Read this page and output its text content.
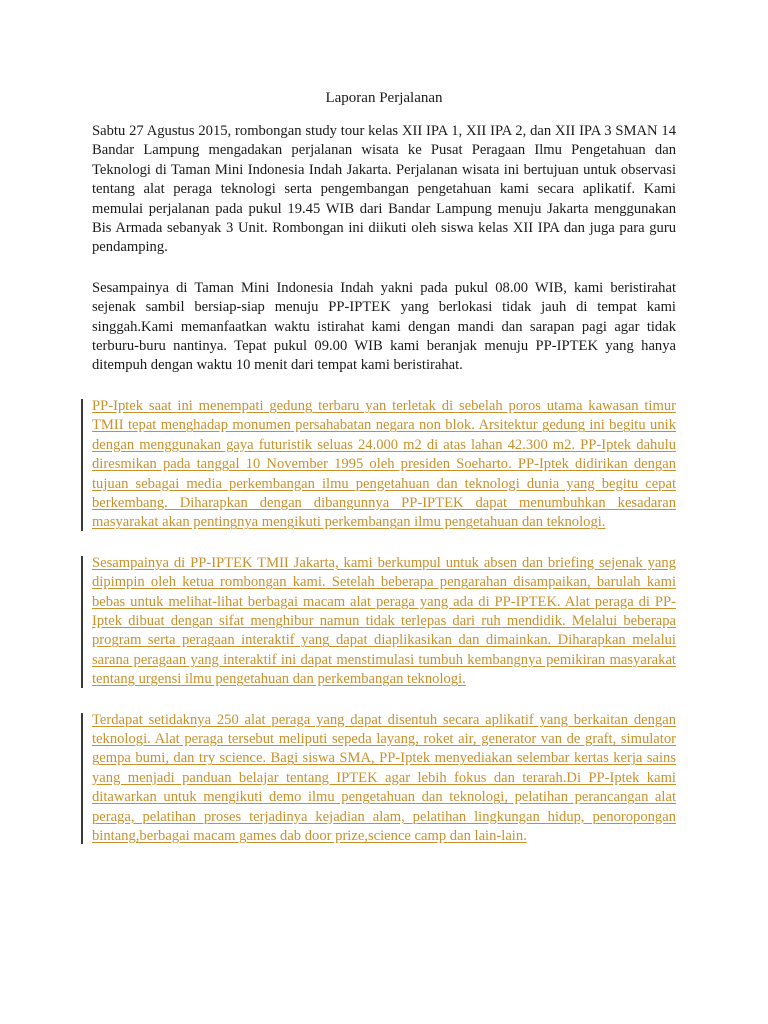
Laporan Perjalanan

Sabtu 27 Agustus 2015, rombongan study tour kelas XII IPA 1, XII IPA 2, dan XII IPA 3 SMAN 14 Bandar Lampung mengadakan perjalanan wisata ke Pusat Peragaan Ilmu Pengetahuan dan Teknologi di Taman Mini Indonesia Indah Jakarta. Perjalanan wisata ini bertujuan untuk observasi tentang alat peraga teknologi serta pengembangan pengetahuan kami secara aplikatif. Kami memulai perjalanan pada pukul 19.45 WIB dari Bandar Lampung menuju Jakarta menggunakan Bis Armada sebanyak 3 Unit. Rombongan ini diikuti oleh siswa kelas XII IPA dan juga para guru pendamping.

Sesampainya di Taman Mini Indonesia Indah yakni pada pukul 08.00 WIB, kami beristirahat sejenak sambil bersiap-siap menuju PP-IPTEK yang berlokasi tidak jauh di tempat kami singgah.Kami memanfaatkan waktu istirahat kami dengan mandi dan sarapan pagi agar tidak terburu-buru nantinya. Tepat pukul 09.00 WIB kami beranjak menuju PP-IPTEK yang hanya ditempuh dengan waktu 10 menit dari tempat kami beristirahat.

PP-Iptek saat ini menempati gedung terbaru yan terletak di sebelah poros utama kawasan timur TMII tepat menghadap monumen persahabatan negara non blok. Arsitektur gedung ini begitu unik dengan menggunakan gaya futuristik seluas 24.000 m2 di atas lahan 42.300 m2. PP-Iptek dahulu diresmikan pada tanggal 10 November 1995 oleh presiden Soeharto. PP-Iptek didirikan dengan tujuan sebagai media perkembangan ilmu pengetahuan dan teknologi dunia yang begitu cepat berkembang. Diharapkan dengan dibangunnya PP-IPTEK dapat menumbuhkan kesadaran masyarakat akan pentingnya mengikuti perkembangan ilmu pengetahuan dan teknologi.

Sesampainya di PP-IPTEK TMII Jakarta, kami berkumpul untuk absen dan briefing sejenak yang dipimpin oleh ketua rombongan kami. Setelah beberapa pengarahan disampaikan, barulah kami bebas untuk melihat-lihat berbagai macam alat peraga yang ada di PP-IPTEK. Alat peraga di PP-Iptek dibuat dengan sifat menghibur namun tidak terlepas dari ruh mendidik. Melalui beberapa program serta peragaan interaktif yang dapat diaplikasikan dan dimainkan. Diharapkan melalui sarana peragaan yang interaktif ini dapat menstimulasi tumbuh kembangnya pemikiran masyarakat tentang urgensi ilmu pengetahuan dan perkembangan teknologi.

Terdapat setidaknya 250 alat peraga yang dapat disentuh secara aplikatif yang berkaitan dengan teknologi. Alat peraga tersebut meliputi sepeda layang, roket air, generator van de graft, simulator gempa bumi, dan try science. Bagi siswa SMA, PP-Iptek menyediakan selembar kertas kerja sains yang menjadi panduan belajar tentang IPTEK agar lebih fokus dan terarah.Di PP-Iptek kami ditawarkan untuk mengikuti demo ilmu pengetahuan dan teknologi, pelatihan perancangan alat peraga, pelatihan proses terjadinya kejadian alam, pelatihan lingkungan hidup, penoropongan bintang,berbagai macam games dab door prize,science camp dan lain-lain.
